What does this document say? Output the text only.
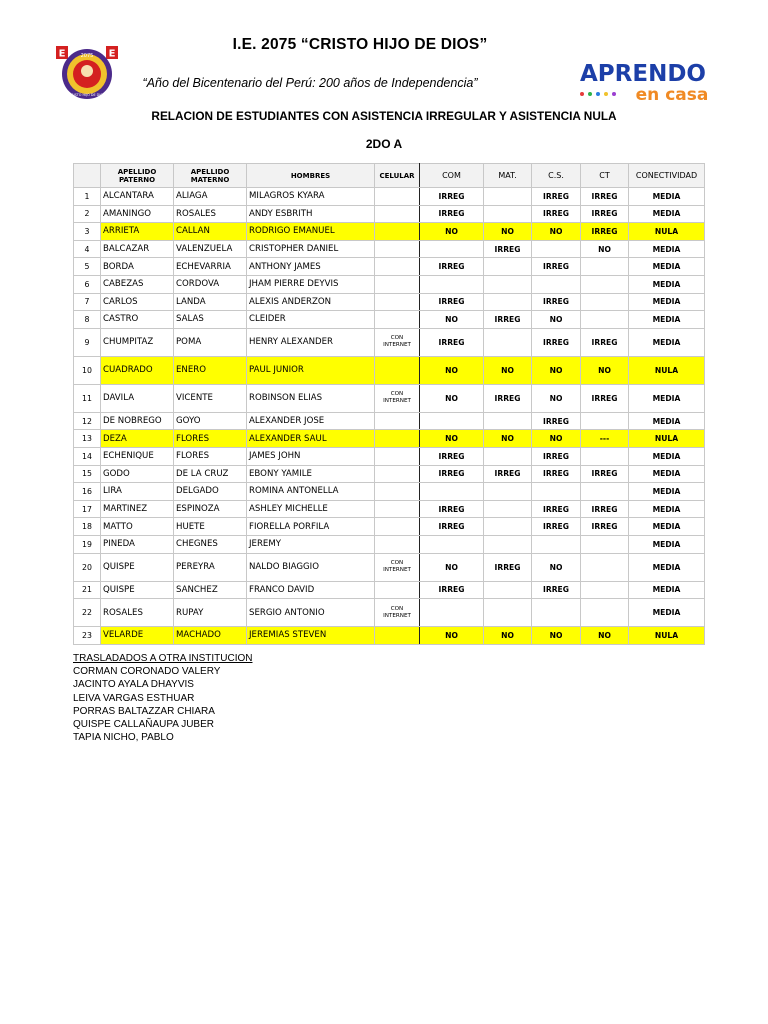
E	E
2075
CRISTO HIJO DE DIOS
APRENDO
en casa
I.E. 2075 “CRISTO HIJO DE DIOS”
“Año del Bicentenario del Perú: 200 años de Independencia”
RELACION DE ESTUDIANTES CON ASISTENCIA IRREGULAR Y ASISTENCIA NULA
2DO A
	APELLIDO PATERNO	APELLIDO MATERNO	HOMBRES	CELULAR	COM	MAT.	C.S.	CT	CONECTIVIDAD
1	ALCANTARA	ALIAGA	MILAGROS KYARA		IRREG		IRREG	IRREG	MEDIA
2	AMANINGO	ROSALES	ANDY ESBRITH		IRREG		IRREG	IRREG	MEDIA
3	ARRIETA	CALLAN	RODRIGO EMANUEL		NO	NO	NO	IRREG	NULA
4	BALCAZAR	VALENZUELA	CRISTOPHER DANIEL			IRREG		NO	MEDIA
5	BORDA	ECHEVARRIA	ANTHONY JAMES		IRREG		IRREG		MEDIA
6	CABEZAS	CORDOVA	JHAM PIERRE DEYVIS						MEDIA
7	CARLOS	LANDA	ALEXIS ANDERZON		IRREG		IRREG		MEDIA
8	CASTRO	SALAS	CLEIDER		NO	IRREG	NO		MEDIA
9	CHUMPITAZ	POMA	HENRY ALEXANDER	CON INTERNET	IRREG		IRREG	IRREG	MEDIA
10	CUADRADO	ENERO	PAUL JUNIOR		NO	NO	NO	NO	NULA
11	DAVILA	VICENTE	ROBINSON ELIAS	CON INTERNET	NO	IRREG	NO	IRREG	MEDIA
12	DE NOBREGO	GOYO	ALEXANDER JOSE				IRREG		MEDIA
13	DEZA	FLORES	ALEXANDER SAUL		NO	NO	NO	---	NULA
14	ECHENIQUE	FLORES	JAMES JOHN		IRREG		IRREG		MEDIA
15	GODO	DE LA CRUZ	EBONY YAMILE		IRREG	IRREG	IRREG	IRREG	MEDIA
16	LIRA	DELGADO	ROMINA ANTONELLA						MEDIA
17	MARTINEZ	ESPINOZA	ASHLEY MICHELLE		IRREG		IRREG	IRREG	MEDIA
18	MATTO	HUETE	FIORELLA PORFILA		IRREG		IRREG	IRREG	MEDIA
19	PINEDA	CHEGNES	JEREMY						MEDIA
20	QUISPE	PEREYRA	NALDO BIAGGIO	CON INTERNET	NO	IRREG	NO		MEDIA
21	QUISPE	SANCHEZ	FRANCO DAVID		IRREG		IRREG		MEDIA
22	ROSALES	RUPAY	SERGIO ANTONIO	CON INTERNET					MEDIA
23	VELARDE	MACHADO	JEREMIAS STEVEN		NO	NO	NO	NO	NULA
TRASLADADOS A OTRA INSTITUCION
CORMAN CORONADO VALERY
JACINTO AYALA DHAYVIS
LEIVA VARGAS ESTHUAR
PORRAS BALTAZZAR CHIARA
QUISPE CALLAÑAUPA JUBER
TAPIA NICHO, PABLO
